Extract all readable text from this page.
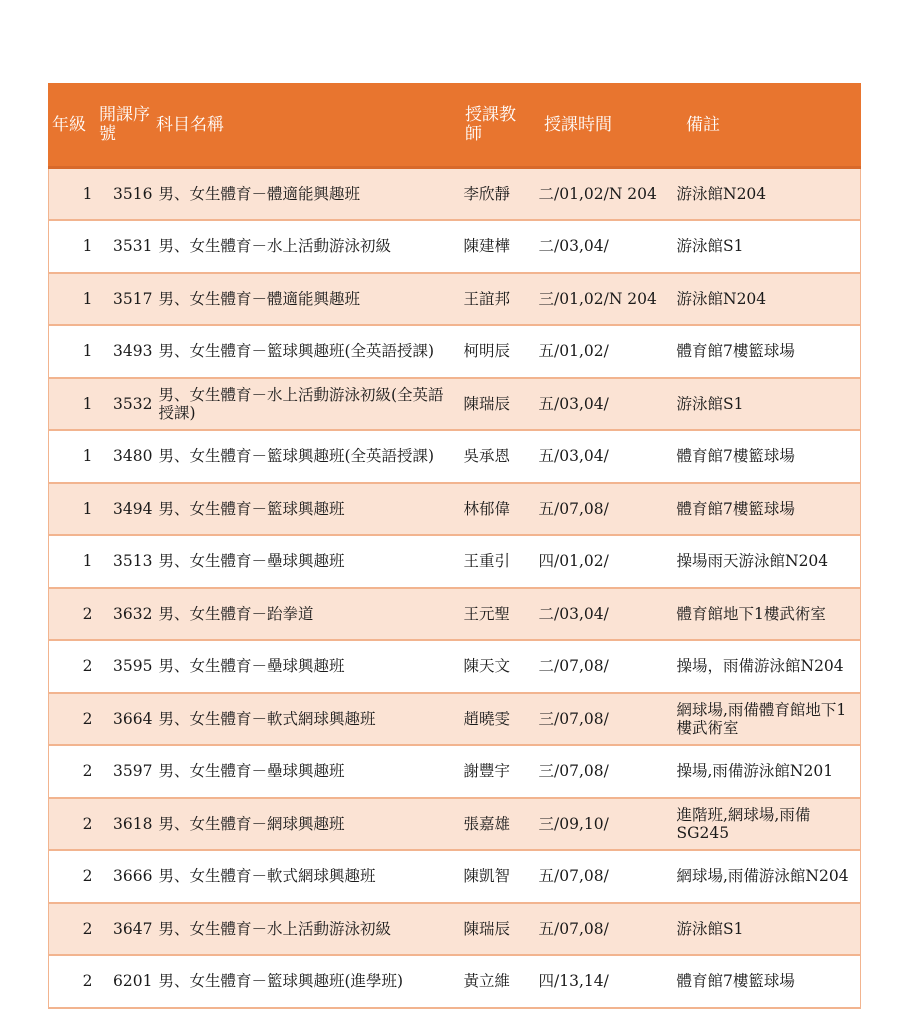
年級	開課序號	科目名稱	授課教師	授課時間	備註
1	3516	男、女生體育－體適能興趣班	李欣靜	二/01,02/N 204	游泳館N204
1	3531	男、女生體育－水上活動游泳初級	陳建樺	二/03,04/	游泳館S1
1	3517	男、女生體育－體適能興趣班	王誼邦	三/01,02/N 204	游泳館N204
1	3493	男、女生體育－籃球興趣班(全英語授課)	柯明辰	五/01,02/	體育館7樓籃球場
1	3532	男、女生體育－水上活動游泳初級(全英語授課)	陳瑞辰	五/03,04/	游泳館S1
1	3480	男、女生體育－籃球興趣班(全英語授課)	吳承恩	五/03,04/	體育館7樓籃球場
1	3494	男、女生體育－籃球興趣班	林郁偉	五/07,08/	體育館7樓籃球場
1	3513	男、女生體育－壘球興趣班	王重引	四/01,02/	操場雨天游泳館N204
2	3632	男、女生體育－跆拳道	王元聖	二/03,04/	體育館地下1樓武術室
2	3595	男、女生體育－壘球興趣班	陳天文	二/07,08/	操場，雨備游泳館N204
2	3664	男、女生體育－軟式網球興趣班	趙曉雯	三/07,08/	網球場,雨備體育館地下1樓武術室
2	3597	男、女生體育－壘球興趣班	謝豐宇	三/07,08/	操場,雨備游泳館N201
2	3618	男、女生體育－網球興趣班	張嘉雄	三/09,10/	進階班,網球場,雨備SG245
2	3666	男、女生體育－軟式網球興趣班	陳凱智	五/07,08/	網球場,雨備游泳館N204
2	3647	男、女生體育－水上活動游泳初級	陳瑞辰	五/07,08/	游泳館S1
2	6201	男、女生體育－籃球興趣班(進學班)	黃立維	四/13,14/	體育館7樓籃球場
